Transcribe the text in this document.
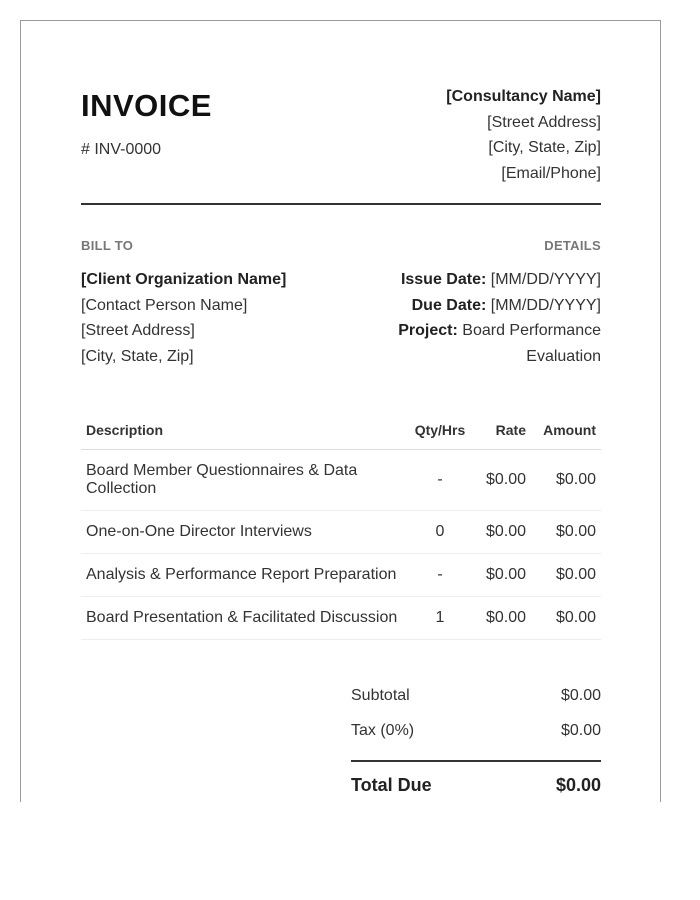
INVOICE
# INV-0000
[Consultancy Name]
[Street Address]
[City, State, Zip]
[Email/Phone]
BILL TO	DETAILS
[Client Organization Name]
[Contact Person Name]
[Street Address]
[City, State, Zip]
Issue Date: [MM/DD/YYYY]
Due Date: [MM/DD/YYYY]
Project: Board Performance Evaluation
Description	Qty/Hrs	Rate	Amount
Board Member Questionnaires & Data Collection	-	$0.00	$0.00
One-on-One Director Interviews	0	$0.00	$0.00
Analysis & Performance Report Preparation	-	$0.00	$0.00
Board Presentation & Facilitated Discussion	1	$0.00	$0.00
Subtotal	$0.00
Tax (0%)	$0.00
Total Due	$0.00
